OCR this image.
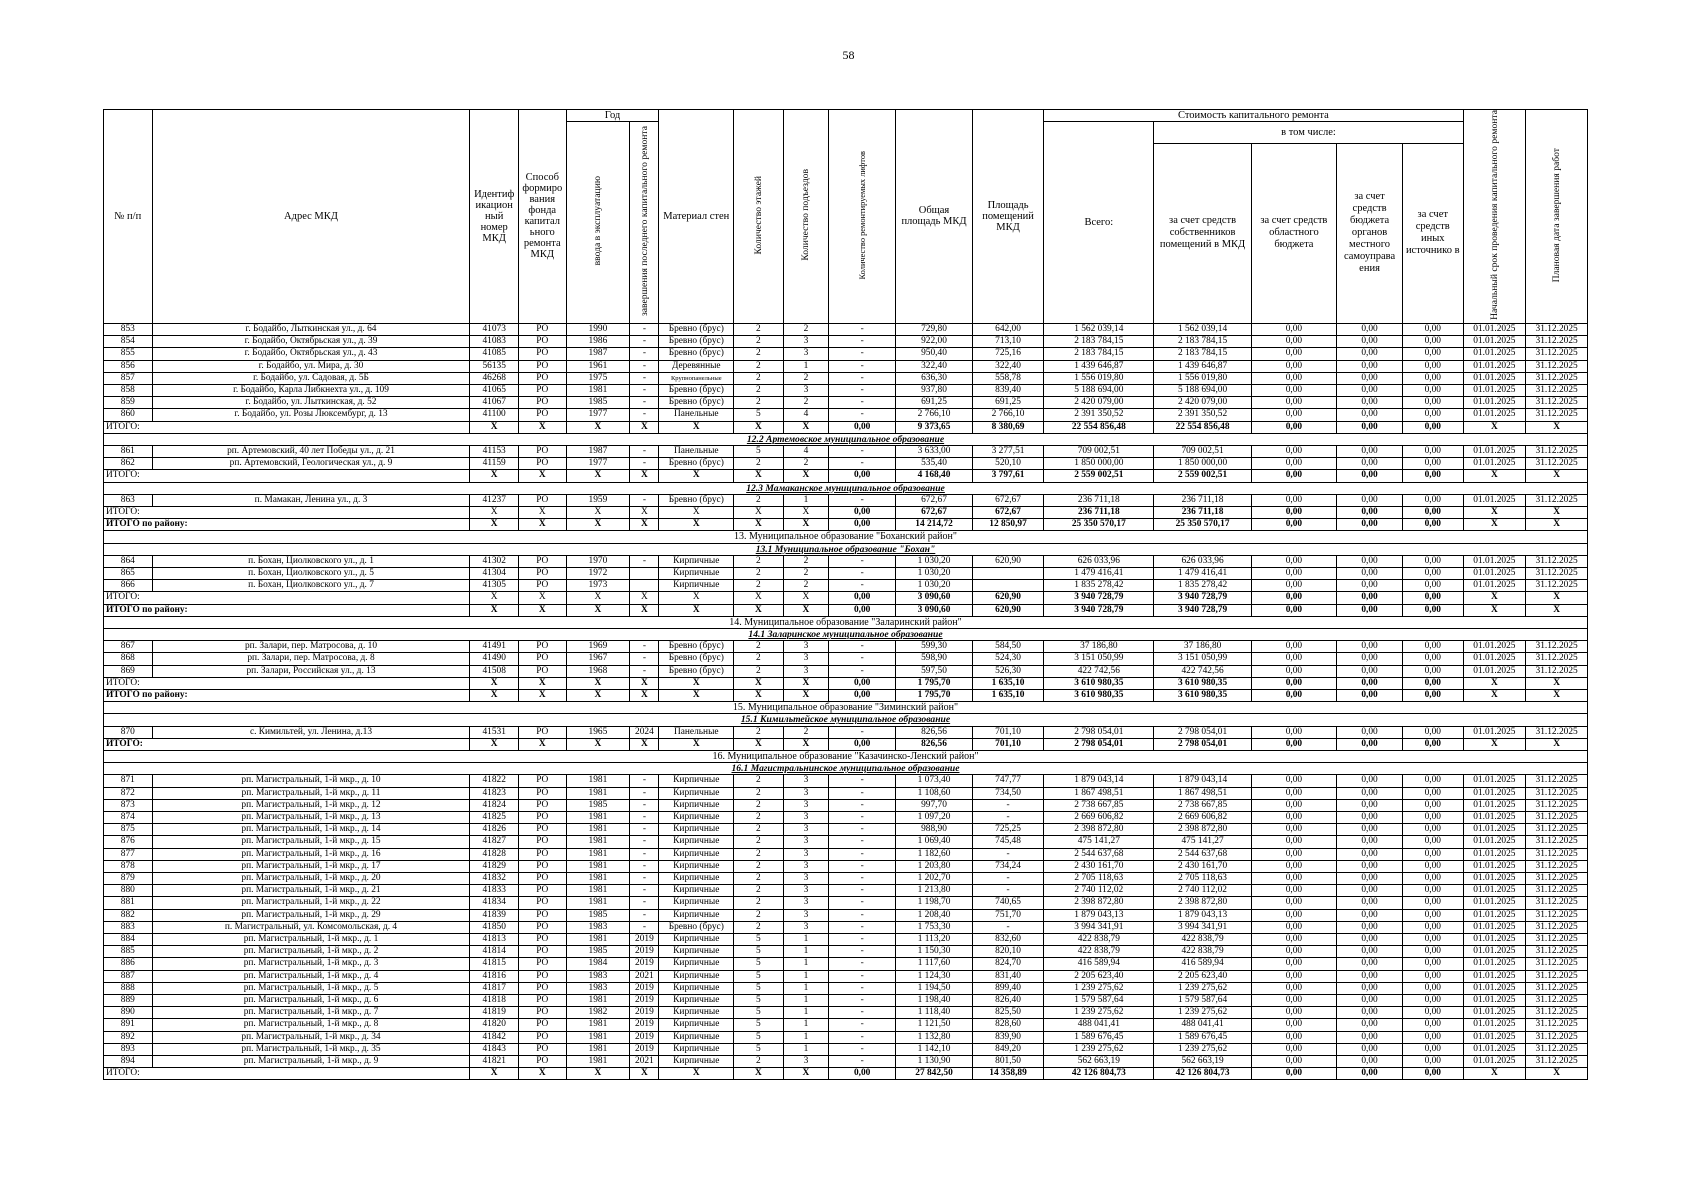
58
№ п/п	Адрес МКД	Идентиф икацион ный номер МКД	Способ формиро вания фонда капитал ьного ремонта МКД	Год		Материал стен	Количество этажей	Количество подъездов	Количество ремонтируемых лифтов	Общая площадь МКД	Площадь помещений МКД	Стоимость капитального ремонта					Начальный срок проведения капитального ремонта	Плановая дата завершения работ
				ввода в эксплуатацию	завершения последнего капитального ремонта							Всего:	в том числе:					
													за счет средств собственников помещений в МКД	за счет средств областного бюджета	за счет средств бюджета органов местного самоуправа ения	за счет средств иных источнико в		
853	г. Бодайбо, Лыткинская ул., д. 64	41073	РО	1990	-	Бревно (брус)	2	2	-	729,80	642,00	1 562 039,14	1 562 039,14	0,00	0,00	0,00	01.01.2025	31.12.2025
854	г. Бодайбо, Октябрьская ул., д. 39	41083	РО	1986	-	Бревно (брус)	2	3	-	922,00	713,10	2 183 784,15	2 183 784,15	0,00	0,00	0,00	01.01.2025	31.12.2025
855	г. Бодайбо, Октябрьская ул., д. 43	41085	РО	1987	-	Бревно (брус)	2	3	-	950,40	725,16	2 183 784,15	2 183 784,15	0,00	0,00	0,00	01.01.2025	31.12.2025
856	г. Бодайбо, ул. Мира, д. 30	56135	РО	1961	-	Деревянные	2	1	-	322,40	322,40	1 439 646,87	1 439 646,87	0,00	0,00	0,00	01.01.2025	31.12.2025
857	г. Бодайбо, ул. Садовая, д. 5Б	46268	РО	1975	-	Крупнопанельные	2	2	-	636,30	558,78	1 556 019,80	1 556 019,80	0,00	0,00	0,00	01.01.2025	31.12.2025
858	г. Бодайбо, Карла Либкнехта ул., д. 109	41065	РО	1981	-	Бревно (брус)	2	3	-	937,80	839,40	5 188 694,00	5 188 694,00	0,00	0,00	0,00	01.01.2025	31.12.2025
859	г. Бодайбо, ул. Лыткинская, д. 52	41067	РО	1985	-	Бревно (брус)	2	2	-	691,25	691,25	2 420 079,00	2 420 079,00	0,00	0,00	0,00	01.01.2025	31.12.2025
860	г. Бодайбо, ул. Розы Люксембург, д. 13	41100	РО	1977	-	Панельные	5	4	-	2 766,10	2 766,10	2 391 350,52	2 391 350,52	0,00	0,00	0,00	01.01.2025	31.12.2025
ИТОГО:		X	X	X	X	X	X	X	0,00	9 373,65	8 380,69	22 554 856,48	22 554 856,48	0,00	0,00	0,00	X	X
12.2 Артемовское муниципальное образование																		
861	рп. Артемовский, 40 лет Победы ул., д. 21	41153	РО	1987	-	Панельные	5	4	-	3 633,00	3 277,51	709 002,51	709 002,51	0,00	0,00	0,00	01.01.2025	31.12.2025
862	рп. Артемовский, Геологическая ул., д. 9	41159	РО	1977	-	Бревно (брус)	2	2	-	535,40	520,10	1 850 000,00	1 850 000,00	0,00	0,00	0,00	01.01.2025	31.12.2025
ИТОГО:		X	X	X	X	X	X	X	0,00	4 168,40	3 797,61	2 559 002,51	2 559 002,51	0,00	0,00	0,00	X	X
12.3 Мамаканское муниципальное образование																		
863	п. Мамакан, Ленина ул., д. 3	41237	РО	1959	-	Бревно (брус)	2	1	-	672,67	672,67	236 711,18	236 711,18	0,00	0,00	0,00	01.01.2025	31.12.2025
ИТОГО:		X	X	X	X	X	X	X	0,00	672,67	672,67	236 711,18	236 711,18	0,00	0,00	0,00	X	X
ИТОГО по району:		X	X	X	X	X	X	X	0,00	14 214,72	12 850,97	25 350 570,17	25 350 570,17	0,00	0,00	0,00	X	X
13. Муниципальное образование "Боханский район"																		
13.1 Муниципальное образование "Бохан"																		
864	п. Бохан, Циолковского ул., д. 1	41302	РО	1970	-	Кирпичные	2	2	-	1 030,20	620,90	626 033,96	626 033,96	0,00	0,00	0,00	01.01.2025	31.12.2025
865	п. Бохан, Циолковского ул., д. 5	41304	РО	1972		Кирпичные	2	2	-	1 030,20		1 479 416,41	1 479 416,41	0,00	0,00	0,00	01.01.2025	31.12.2025
866	п. Бохан, Циолковского ул., д. 7	41305	РО	1973		Кирпичные	2	2	-	1 030,20		1 835 278,42	1 835 278,42	0,00	0,00	0,00	01.01.2025	31.12.2025
ИТОГО:		X	X	X	X	X	X	X	0,00	3 090,60	620,90	3 940 728,79	3 940 728,79	0,00	0,00	0,00	X	X
ИТОГО по району:		X	X	X	X	X	X	X	0,00	3 090,60	620,90	3 940 728,79	3 940 728,79	0,00	0,00	0,00	X	X
14. Муниципальное образование "Заларинский район"																		
14.1 Заларинское муниципальное образование																		
867	рп. Залари, пер. Матросова, д. 10	41491	РО	1969	-	Бревно (брус)	2	3	-	599,30	584,50	37 186,80	37 186,80	0,00	0,00	0,00	01.01.2025	31.12.2025
868	рп. Залари, пер. Матросова, д. 8	41490	РО	1967	-	Бревно (брус)	2	3	-	598,90	524,30	3 151 050,99	3 151 050,99	0,00	0,00	0,00	01.01.2025	31.12.2025
869	рп. Залари, Российская ул., д. 13	41508	РО	1968	-	Бревно (брус)	2	3	-	597,50	526,30	422 742,56	422 742,56	0,00	0,00	0,00	01.01.2025	31.12.2025
ИТОГО:		X	X	X	X	X	X	X	0,00	1 795,70	1 635,10	3 610 980,35	3 610 980,35	0,00	0,00	0,00	X	X
ИТОГО по району:		X	X	X	X	X	X	X	0,00	1 795,70	1 635,10	3 610 980,35	3 610 980,35	0,00	0,00	0,00	X	X
15. Муниципальное образование "Зиминский район"																		
15.1 Кимильтейское муниципальное образование																		
870	с. Кимильтей, ул. Ленина, д.13	41531	РО	1965	2024	Панельные	2	2	-	826,56	701,10	2 798 054,01	2 798 054,01	0,00	0,00	0,00	01.01.2025	31.12.2025
ИТОГО:		X	X	X	X	X	X	X	0,00	826,56	701,10	2 798 054,01	2 798 054,01	0,00	0,00	0,00	X	X
16. Муниципальное образование "Казачинско-Ленский район"																		
16.1 Магистральнинское муниципальное образование																		
871	рп. Магистральный, 1-й мкр., д. 10	41822	РО	1981	-	Кирпичные	2	3	-	1 073,40	747,77	1 879 043,14	1 879 043,14	0,00	0,00	0,00	01.01.2025	31.12.2025
872	рп. Магистральный, 1-й мкр., д. 11	41823	РО	1981	-	Кирпичные	2	3	-	1 108,60	734,50	1 867 498,51	1 867 498,51	0,00	0,00	0,00	01.01.2025	31.12.2025
873	рп. Магистральный, 1-й мкр., д. 12	41824	РО	1985	-	Кирпичные	2	3	-	997,70	-	2 738 667,85	2 738 667,85	0,00	0,00	0,00	01.01.2025	31.12.2025
874	рп. Магистральный, 1-й мкр., д. 13	41825	РО	1981	-	Кирпичные	2	3	-	1 097,20	-	2 669 606,82	2 669 606,82	0,00	0,00	0,00	01.01.2025	31.12.2025
875	рп. Магистральный, 1-й мкр., д. 14	41826	РО	1981	-	Кирпичные	2	3	-	988,90	725,25	2 398 872,80	2 398 872,80	0,00	0,00	0,00	01.01.2025	31.12.2025
876	рп. Магистральный, 1-й мкр., д. 15	41827	РО	1981	-	Кирпичные	2	3	-	1 069,40	745,48	475 141,27	475 141,27	0,00	0,00	0,00	01.01.2025	31.12.2025
877	рп. Магистральный, 1-й мкр., д. 16	41828	РО	1981	-	Кирпичные	2	3	-	1 182,60	-	2 544 637,68	2 544 637,68	0,00	0,00	0,00	01.01.2025	31.12.2025
878	рп. Магистральный, 1-й мкр., д. 17	41829	РО	1981	-	Кирпичные	2	3	-	1 203,80	734,24	2 430 161,70	2 430 161,70	0,00	0,00	0,00	01.01.2025	31.12.2025
879	рп. Магистральный, 1-й мкр., д. 20	41832	РО	1981	-	Кирпичные	2	3	-	1 202,70	-	2 705 118,63	2 705 118,63	0,00	0,00	0,00	01.01.2025	31.12.2025
880	рп. Магистральный, 1-й мкр., д. 21	41833	РО	1981	-	Кирпичные	2	3	-	1 213,80	-	2 740 112,02	2 740 112,02	0,00	0,00	0,00	01.01.2025	31.12.2025
881	рп. Магистральный, 1-й мкр., д. 22	41834	РО	1981	-	Кирпичные	2	3	-	1 198,70	740,65	2 398 872,80	2 398 872,80	0,00	0,00	0,00	01.01.2025	31.12.2025
882	рп. Магистральный, 1-й мкр., д. 29	41839	РО	1985	-	Кирпичные	2	3	-	1 208,40	751,70	1 879 043,13	1 879 043,13	0,00	0,00	0,00	01.01.2025	31.12.2025
883	п. Магистральный, ул. Комсомольская, д. 4	41850	РО	1983	-	Бревно (брус)	2	3	-	1 753,30	-	3 994 341,91	3 994 341,91	0,00	0,00	0,00	01.01.2025	31.12.2025
884	рп. Магистральный, 1-й мкр., д. 1	41813	РО	1981	2019	Кирпичные	5	1	-	1 113,20	832,60	422 838,79	422 838,79	0,00	0,00	0,00	01.01.2025	31.12.2025
885	рп. Магистральный, 1-й мкр., д. 2	41814	РО	1985	2019	Кирпичные	5	1	-	1 150,30	820,10	422 838,79	422 838,79	0,00	0,00	0,00	01.01.2025	31.12.2025
886	рп. Магистральный, 1-й мкр., д. 3	41815	РО	1984	2019	Кирпичные	5	1	-	1 117,60	824,70	416 589,94	416 589,94	0,00	0,00	0,00	01.01.2025	31.12.2025
887	рп. Магистральный, 1-й мкр., д. 4	41816	РО	1983	2021	Кирпичные	5	1	-	1 124,30	831,40	2 205 623,40	2 205 623,40	0,00	0,00	0,00	01.01.2025	31.12.2025
888	рп. Магистральный, 1-й мкр., д. 5	41817	РО	1983	2019	Кирпичные	5	1	-	1 194,50	899,40	1 239 275,62	1 239 275,62	0,00	0,00	0,00	01.01.2025	31.12.2025
889	рп. Магистральный, 1-й мкр., д. 6	41818	РО	1981	2019	Кирпичные	5	1	-	1 198,40	826,40	1 579 587,64	1 579 587,64	0,00	0,00	0,00	01.01.2025	31.12.2025
890	рп. Магистральный, 1-й мкр., д. 7	41819	РО	1982	2019	Кирпичные	5	1	-	1 118,40	825,50	1 239 275,62	1 239 275,62	0,00	0,00	0,00	01.01.2025	31.12.2025
891	рп. Магистральный, 1-й мкр., д. 8	41820	РО	1981	2019	Кирпичные	5	1	-	1 121,50	828,60	488 041,41	488 041,41	0,00	0,00	0,00	01.01.2025	31.12.2025
892	рп. Магистральный, 1-й мкр., д. 34	41842	РО	1981	2019	Кирпичные	5	1	-	1 132,80	839,90	1 589 676,45	1 589 676,45	0,00	0,00	0,00	01.01.2025	31.12.2025
893	рп. Магистральный, 1-й мкр., д. 35	41843	РО	1981	2019	Кирпичные	5	1	-	1 142,10	849,20	1 239 275,62	1 239 275,62	0,00	0,00	0,00	01.01.2025	31.12.2025
894	рп. Магистральный, 1-й мкр., д. 9	41821	РО	1981	2021	Кирпичные	2	3	-	1 130,90	801,50	562 663,19	562 663,19	0,00	0,00	0,00	01.01.2025	31.12.2025
ИТОГО:		X	X	X	X	X	X	X	0,00	27 842,50	14 358,89	42 126 804,73	42 126 804,73	0,00	0,00	0,00	X	X
